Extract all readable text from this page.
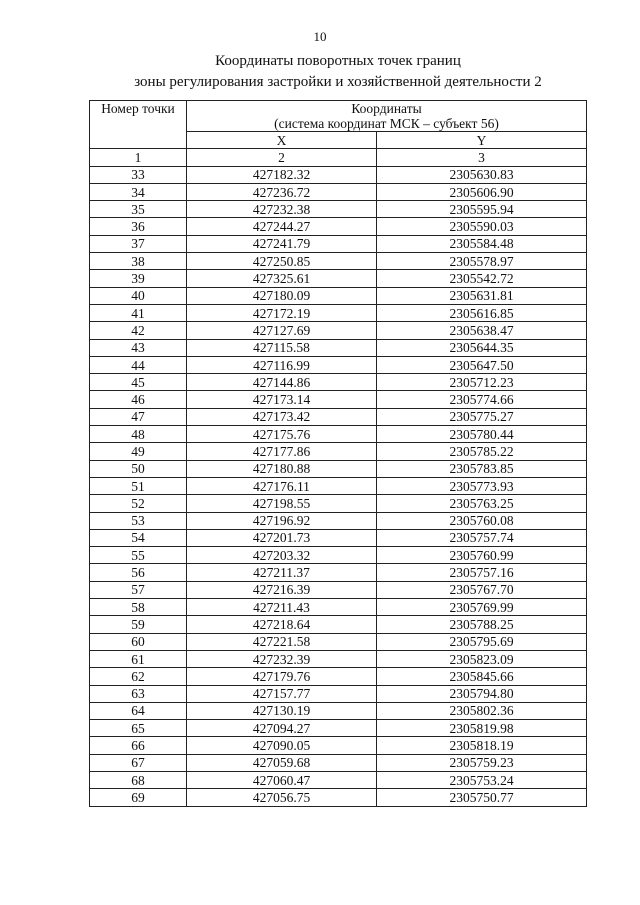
10
Координаты поворотных точек границ
зоны регулирования застройки и хозяйственной деятельности 2
Номер точки	Координаты
(система координат МСК – субъект 56)	

	X	Y
1	2	3
33	427182.32	2305630.83
34	427236.72	2305606.90
35	427232.38	2305595.94
36	427244.27	2305590.03
37	427241.79	2305584.48
38	427250.85	2305578.97
39	427325.61	2305542.72
40	427180.09	2305631.81
41	427172.19	2305616.85
42	427127.69	2305638.47
43	427115.58	2305644.35
44	427116.99	2305647.50
45	427144.86	2305712.23
46	427173.14	2305774.66
47	427173.42	2305775.27
48	427175.76	2305780.44
49	427177.86	2305785.22
50	427180.88	2305783.85
51	427176.11	2305773.93
52	427198.55	2305763.25
53	427196.92	2305760.08
54	427201.73	2305757.74
55	427203.32	2305760.99
56	427211.37	2305757.16
57	427216.39	2305767.70
58	427211.43	2305769.99
59	427218.64	2305788.25
60	427221.58	2305795.69
61	427232.39	2305823.09
62	427179.76	2305845.66
63	427157.77	2305794.80
64	427130.19	2305802.36
65	427094.27	2305819.98
66	427090.05	2305818.19
67	427059.68	2305759.23
68	427060.47	2305753.24
69	427056.75	2305750.77
